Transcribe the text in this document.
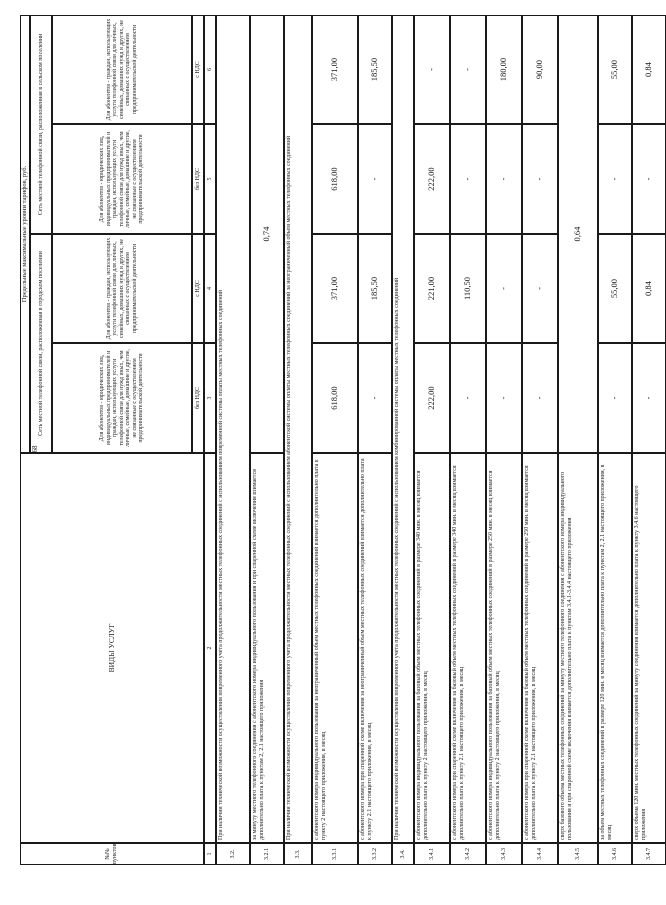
68
№№ пунктов
ВИДЫ УСЛУГ
Предельные максимальные уровни тарифов, руб.
Сеть местной телефонной связи, расположенная в городском поселении
Сеть местной телефонной связи, расположенная в сельском поселении
Для абонентов - юридических лиц, индивидуальных предпринимателей и граждан, использующих услуги телефонной связи для нужд иных, чем личные, семейные, домашние и другие, не связанные с осуществлением предпринимательской деятельности
Для абонентов - граждан, использующих услуги телефонной связи для личных, семейных, домашних нужд и других, не связанных с осуществлением предпринимательской деятельности
Для абонентов - юридических лиц, индивидуальных предпринимателей и граждан, использующих услуги телефонной связи для нужд иных, чем личные, семейные, домашние и другие, не связанные с осуществлением предпринимательской деятельности
Для абонентов - граждан, использующих услуги телефонной связи для личных, семейных, домашних нужд и других, не связанных с осуществлением предпринимательской деятельности
без НДС
с НДС
без НДС
с НДС
1
2
3
4
5
6
3.2.
При наличии технической возможности осуществления повременного учета продолжительности местных телефонных соединений с использованием повременной системы оплаты местных телефонных соединений
3.2.1
за минуту местного телефонного соединения с абонентского номера индивидуального пользования и при спаренной схеме включения взимается дополнительно плата к пунктам 2, 2.1 настоящего приложения
0,74
3.3.
При наличии технической возможности осуществления повременного учета продолжительности местных телефонных соединений с использованием абонентской системы оплаты местных телефонных соединений за неограниченный объем местных телефонных соединений
3.3.1
с абонентского номера индивидуального пользования за неограниченный объем местных телефонных соединений взимается дополнительно плата к пункту 2 настоящего приложения, в месяц
618,00
371,00
618,00
371,00
3.3.2
с абонентского номера при спаренной схеме включения за неограниченный объем местных телефонных соединений взимается дополнительно плата к пункту 2.1 настоящего приложения, в месяц
-
185,50
-
185,50
3.4.
При наличии технической возможности осуществления повременного учета продолжительности местных телефонных соединений с использованием комбинированной системы оплаты местных телефонных соединений
3.4.1
с абонентского номера индивидуального пользования за базовый объем местных телефонных соединений в размере 340 мин. в месяц взимается дополнительно плата к пункту 2 настоящего приложения, в месяц
222,00
221,00
222,00
-
3.4.2
с абонентского номера при спаренной схеме включения за базовый объем местных телефонных соединений в размере 340 мин. в месяц взимается дополнительно плата к пункту 2.1 настоящего приложения, в месяц
-
110,50
-
-
3.4.3
с абонентского номера индивидуального пользования за базовый объем местных телефонных соединений в размере 250 мин. в месяц взимается дополнительно плата к пункту 2 настоящего приложения, в месяц
-
-
-
180,00
3.4.4
с абонентского номера при спаренной схеме включения за базовый объем местных телефонных соединений в размере 250 мин. в месяц взимается дополнительно плата к пункту 2.1 настоящего приложения, в месяц
-
-
-
90,00
3.4.5
сверх базового объема местных телефонных соединений за минуту местного телефонного соединения с абонентского номера индивидуального пользования и при спаренной схеме включения взимается дополнительно плата к пунктам 3.4.1-3.4.4 настоящего приложения
0,64
3.4.6
за объем местных телефонных соединений в размере 120 мин. в месяц взимается дополнительно плата к пунктам 2, 2.1 настоящего приложения, в месяц
-
55,00
-
55,00
3.4.7
сверх объема 120 мин. местных телефонных соединений за минуту соединения взимается дополнительно плата к пункту 3.4.6 настоящего приложения
-
0,84
-
0,84
